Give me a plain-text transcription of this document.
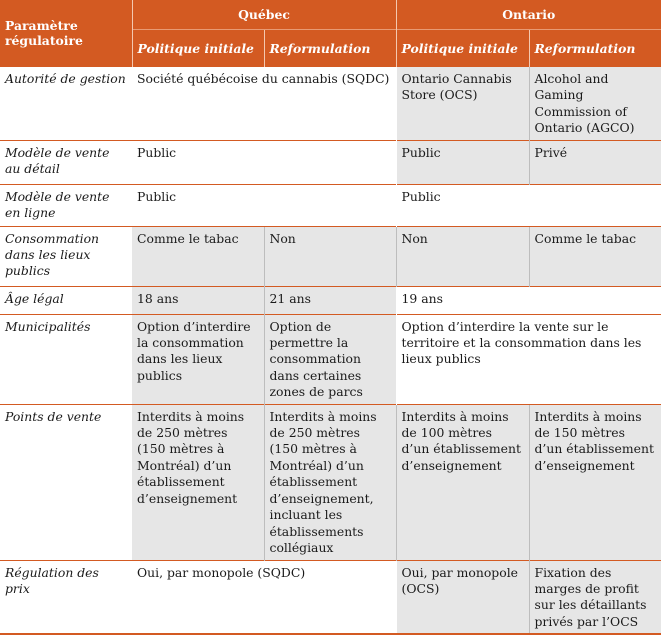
Paramètre régulatoire	Québec		Ontario	
	Politique initiale	Reformulation	Politique initiale	Reformulation
Autorité de gestion	Société québécoise du cannabis (SQDC)		Ontario Cannabis Store (OCS)	Alcohol and Gaming Commission of Ontario (AGCO)
Modèle de vente au détail	Public		Public	Privé
Modèle de vente en ligne	Public		Public	
Consommation dans les lieux publics	Comme le tabac	Non	Non	Comme le tabac
Âge légal	18 ans	21 ans	19 ans	
Municipalités	Option d’interdire la consommation dans les lieux publics	Option de permettre la consommation dans certaines zones de parcs	Option d’interdire la vente sur le territoire et la consommation dans les lieux publics	
Points de vente	Interdits à moins de 250 mètres (150 mètres à Montréal) d’un établissement d’enseignement	Interdits à moins de 250 mètres (150 mètres à Montréal) d’un établissement d’enseignement, incluant les établissements collégiaux	Interdits à moins de 100 mètres d’un établissement d’enseignement	Interdits à moins de 150 mètres d’un établissement d’enseignement
Régulation des prix	Oui, par monopole (SQDC)		Oui, par monopole (OCS)	Fixation des marges de profit sur les détaillants privés par l’OCS
